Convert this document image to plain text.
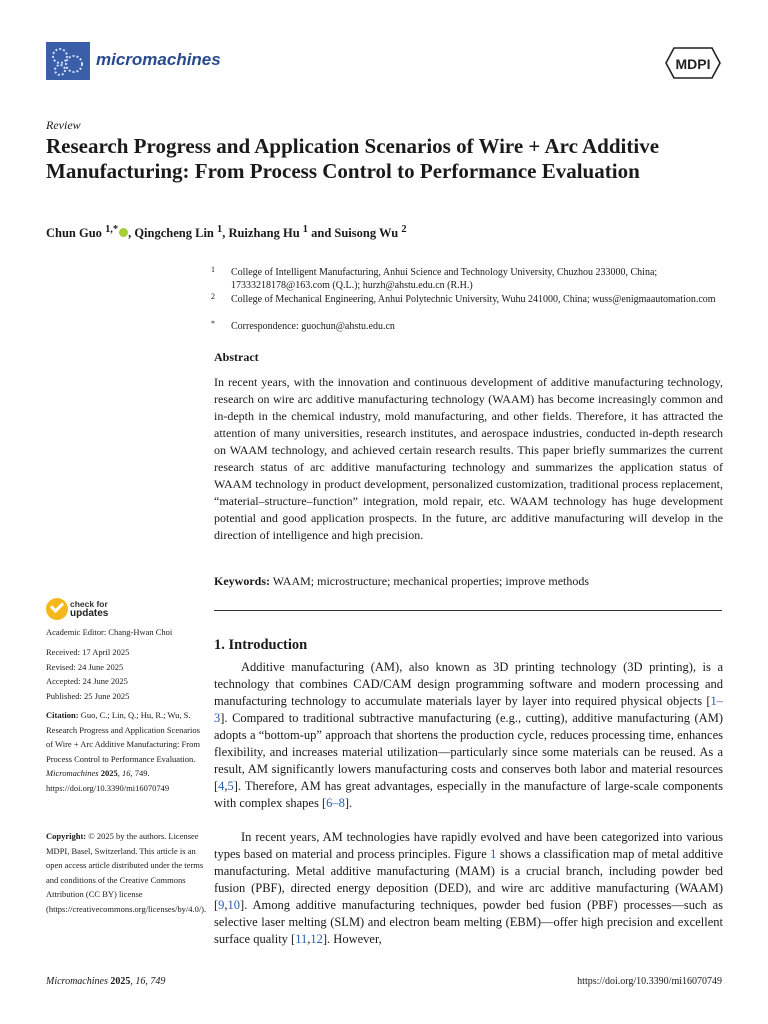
micromachines	MDPI
Review
Research Progress and Application Scenarios of Wire + Arc Additive Manufacturing: From Process Control to Performance Evaluation
Chun Guo $^{1,*}$ , Qingcheng Lin $^1$, Ruizhang Hu $^1$ and Suisong Wu $^2$
1	College of Intelligent Manufacturing, Anhui Science and Technology University, Chuzhou 233000, China; 17333218178@163.com (Q.L.); hurzh@ahstu.edu.cn (R.H.)
2	College of Mechanical Engineering, Anhui Polytechnic University, Wuhu 241000, China; wuss@enigmaautomation.com
*	Correspondence: guochun@ahstu.edu.cn
Abstract
In recent years, with the innovation and continuous development of additive manufacturing technology, research on wire arc additive manufacturing technology (WAAM) has become increasingly common and in-depth in the chemical industry, mold manufacturing, and other fields. Therefore, it has attracted the attention of many universities, research institutes, and aerospace industries, conducted in-depth research on WAAM technology, and achieved certain research results. This paper briefly summarizes the current research status of arc additive manufacturing technology and summarizes the application status of WAAM technology in product development, personalized customization, traditional process replacement, “material–structure–function” integration, mold repair, etc. WAAM technology has huge development potential and good application prospects. In the future, arc additive manufacturing will develop in the direction of intelligence and high precision.
Keywords: WAAM; microstructure; mechanical properties; improve methods
check for
updates
Academic Editor: Chang-Hwan Choi
Received: 17 April 2025
Revised: 24 June 2025
Accepted: 24 June 2025
Published: 25 June 2025
Citation: Guo, C.; Lin, Q.; Hu, R.; Wu, S. Research Progress and Application Scenarios of Wire + Arc Additive Manufacturing: From Process Control to Performance Evaluation. Micromachines 2025, 16, 749. https://doi.org/10.3390/mi16070749
Copyright: © 2025 by the authors. Licensee MDPI, Basel, Switzerland. This article is an open access article distributed under the terms and conditions of the Creative Commons Attribution (CC BY) license (https://creativecommons.org/licenses/by/4.0/).
1. Introduction
Additive manufacturing (AM), also known as 3D printing technology (3D printing), is a technology that combines CAD/CAM design programming software and modern processing and manufacturing technology to accumulate materials layer by layer into required physical objects [1–3]. Compared to traditional subtractive manufacturing (e.g., cutting), additive manufacturing (AM) adopts a “bottom-up” approach that shortens the production cycle, reduces processing time, enhances flexibility, and increases material utilization—particularly since some materials can be reused. As a result, AM significantly lowers manufacturing costs and conserves both labor and material resources [4,5]. Therefore, AM has great advantages, especially in the manufacture of large-scale components with complex shapes [6–8].
In recent years, AM technologies have rapidly evolved and have been categorized into various types based on material and process principles. Figure 1 shows a classification map of metal additive manufacturing. Metal additive manufacturing (MAM) is a crucial branch, including powder bed fusion (PBF), directed energy deposition (DED), and wire arc additive manufacturing (WAAM) [9,10]. Among additive manufacturing techniques, powder bed fusion (PBF) processes—such as selective laser melting (SLM) and electron beam melting (EBM)—offer high precision and excellent surface quality [11,12]. However,
Micromachines 2025, 16, 749	https://doi.org/10.3390/mi16070749
